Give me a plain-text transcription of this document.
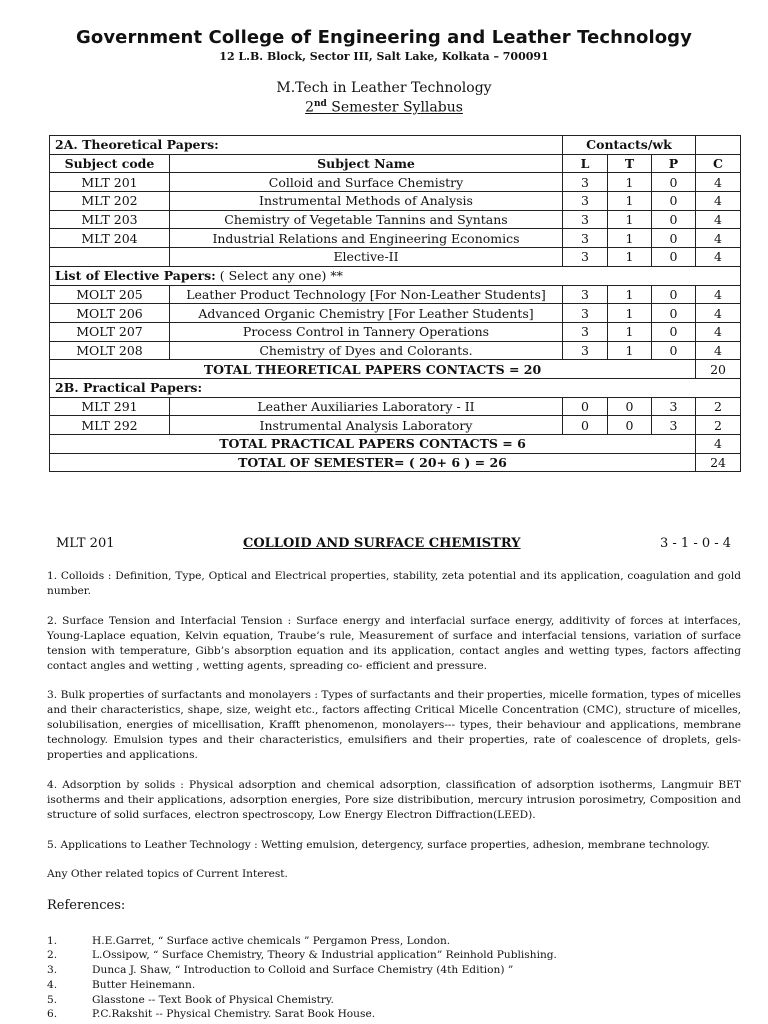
Government College of Engineering and Leather Technology
12 L.B. Block, Sector III, Salt Lake, Kolkata – 700091
M.Tech in Leather Technology
2nd Semester Syllabus
2A. Theoretical Papers:		Contacts/wk			
Subject code	Subject Name	L	T	P	C
MLT 201	Colloid and Surface Chemistry	3	1	0	4
MLT 202	Instrumental Methods of Analysis	3	1	0	4
MLT 203	Chemistry of Vegetable Tannins and Syntans	3	1	0	4
MLT 204	Industrial Relations and Engineering Economics	3	1	0	4
	Elective-II	3	1	0	4
List of Elective Papers: ( Select any one) **					
MOLT 205	Leather Product Technology [For Non-Leather Students]	3	1	0	4
MOLT 206	Advanced Organic Chemistry [For Leather Students]	3	1	0	4
MOLT 207	Process Control in Tannery Operations	3	1	0	4
MOLT 208	Chemistry of Dyes and Colorants.	3	1	0	4
TOTAL THEORETICAL PAPERS CONTACTS = 20					20
2B. Practical Papers:					
MLT 291	Leather Auxiliaries Laboratory - II	0	0	3	2
MLT 292	Instrumental Analysis Laboratory	0	0	3	2
TOTAL PRACTICAL PAPERS CONTACTS = 6					4
TOTAL OF SEMESTER= ( 20+ 6 ) = 26					24
MLT 201	COLLOID AND SURFACE CHEMISTRY	3 - 1 - 0 - 4
1. Colloids : Definition, Type, Optical and Electrical properties, stability, zeta potential and its application, coagulation and gold number.
2. Surface Tension and Interfacial Tension : Surface energy and interfacial surface energy, additivity of forces at interfaces, Young-Laplace equation, Kelvin equation, Traube’s rule, Measurement of surface and interfacial tensions, variation of surface tension with temperature, Gibb’s absorption equation and its application, contact angles and wetting types, factors affecting contact angles and wetting , wetting agents, spreading co- efficient and pressure.
3. Bulk properties of surfactants and monolayers : Types of surfactants and their properties, micelle formation, types of micelles and their characteristics, shape, size, weight etc., factors affecting Critical Micelle Concentration (CMC), structure of micelles, solubilisation, energies of micellisation, Krafft phenomenon, monolayers--- types, their behaviour and applications, membrane technology. Emulsion types and their characteristics, emulsifiers and their properties, rate of coalescence of droplets, gels- properties and applications.
4. Adsorption by solids : Physical adsorption and chemical adsorption, classification of adsorption isotherms, Langmuir BET isotherms and their applications, adsorption energies, Pore size distribibution, mercury intrusion porosimetry, Composition and structure of solid surfaces, electron spectroscopy, Low Energy Electron Diffraction(LEED).
5. Applications to Leather Technology : Wetting emulsion, detergency, surface properties, adhesion, membrane technology.
Any Other related topics of Current Interest.
References:
1.	H.E.Garret, “ Surface active chemicals ” Pergamon Press, London.
2.	L.Ossipow, “ Surface Chemistry, Theory & Industrial application” Reinhold Publishing.
3.	Dunca J. Shaw, “ Introduction to Colloid and Surface Chemistry (4th Edition) ”
4.	Butter Heinemann.
5.	Glasstone -- Text Book of Physical Chemistry.
6.	P.C.Rakshit -- Physical Chemistry. Sarat Book House.
